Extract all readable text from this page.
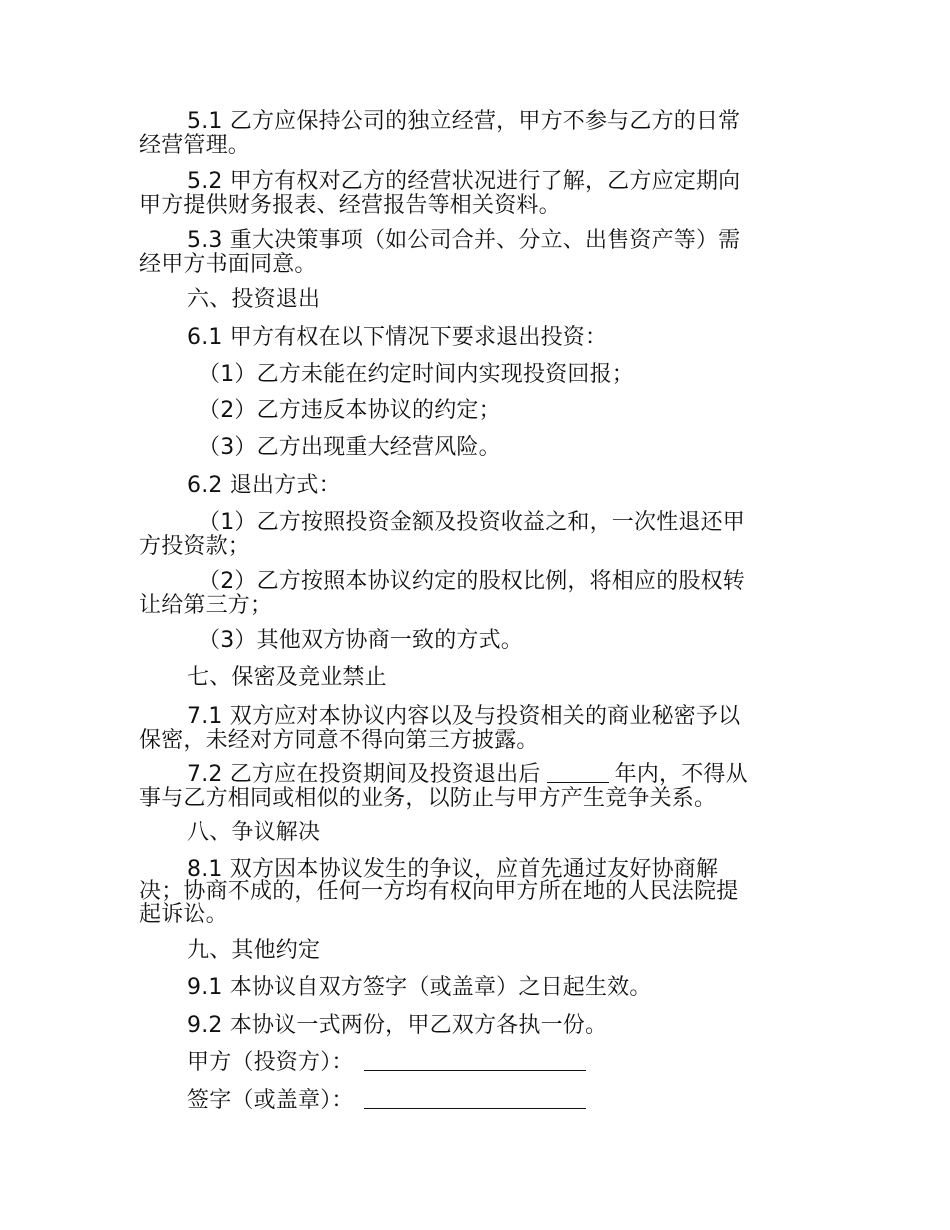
5.1 乙方应保持公司的独立经营，甲方不参与乙方的日常
经营管理。
5.2 甲方有权对乙方的经营状况进行了解，乙方应定期向
甲方提供财务报表、经营报告等相关资料。
5.3 重大决策事项（如公司合并、分立、出售资产等）需
经甲方书面同意。
六、投资退出
6.1 甲方有权在以下情况下要求退出投资：
（1）乙方未能在约定时间内实现投资回报；
（2）乙方违反本协议的约定；
（3）乙方出现重大经营风险。
6.2 退出方式：
（1）乙方按照投资金额及投资收益之和，一次性退还甲
方投资款；
（2）乙方按照本协议约定的股权比例，将相应的股权转
让给第三方；
（3）其他双方协商一致的方式。
七、保密及竞业禁止
7.1 双方应对本协议内容以及与投资相关的商业秘密予以
保密，未经对方同意不得向第三方披露。
7.2 乙方应在投资期间及投资退出后	年内，不得从
事与乙方相同或相似的业务，以防止与甲方产生竞争关系。
八、争议解决
8.1 双方因本协议发生的争议，应首先通过友好协商解
决；协商不成的，任何一方均有权向甲方所在地的人民法院提
起诉讼。
九、其他约定
9.1 本协议自双方签字（或盖章）之日起生效。
9.2 本协议一式两份，甲乙双方各执一份。
甲方（投资方）：
签字（或盖章）：
